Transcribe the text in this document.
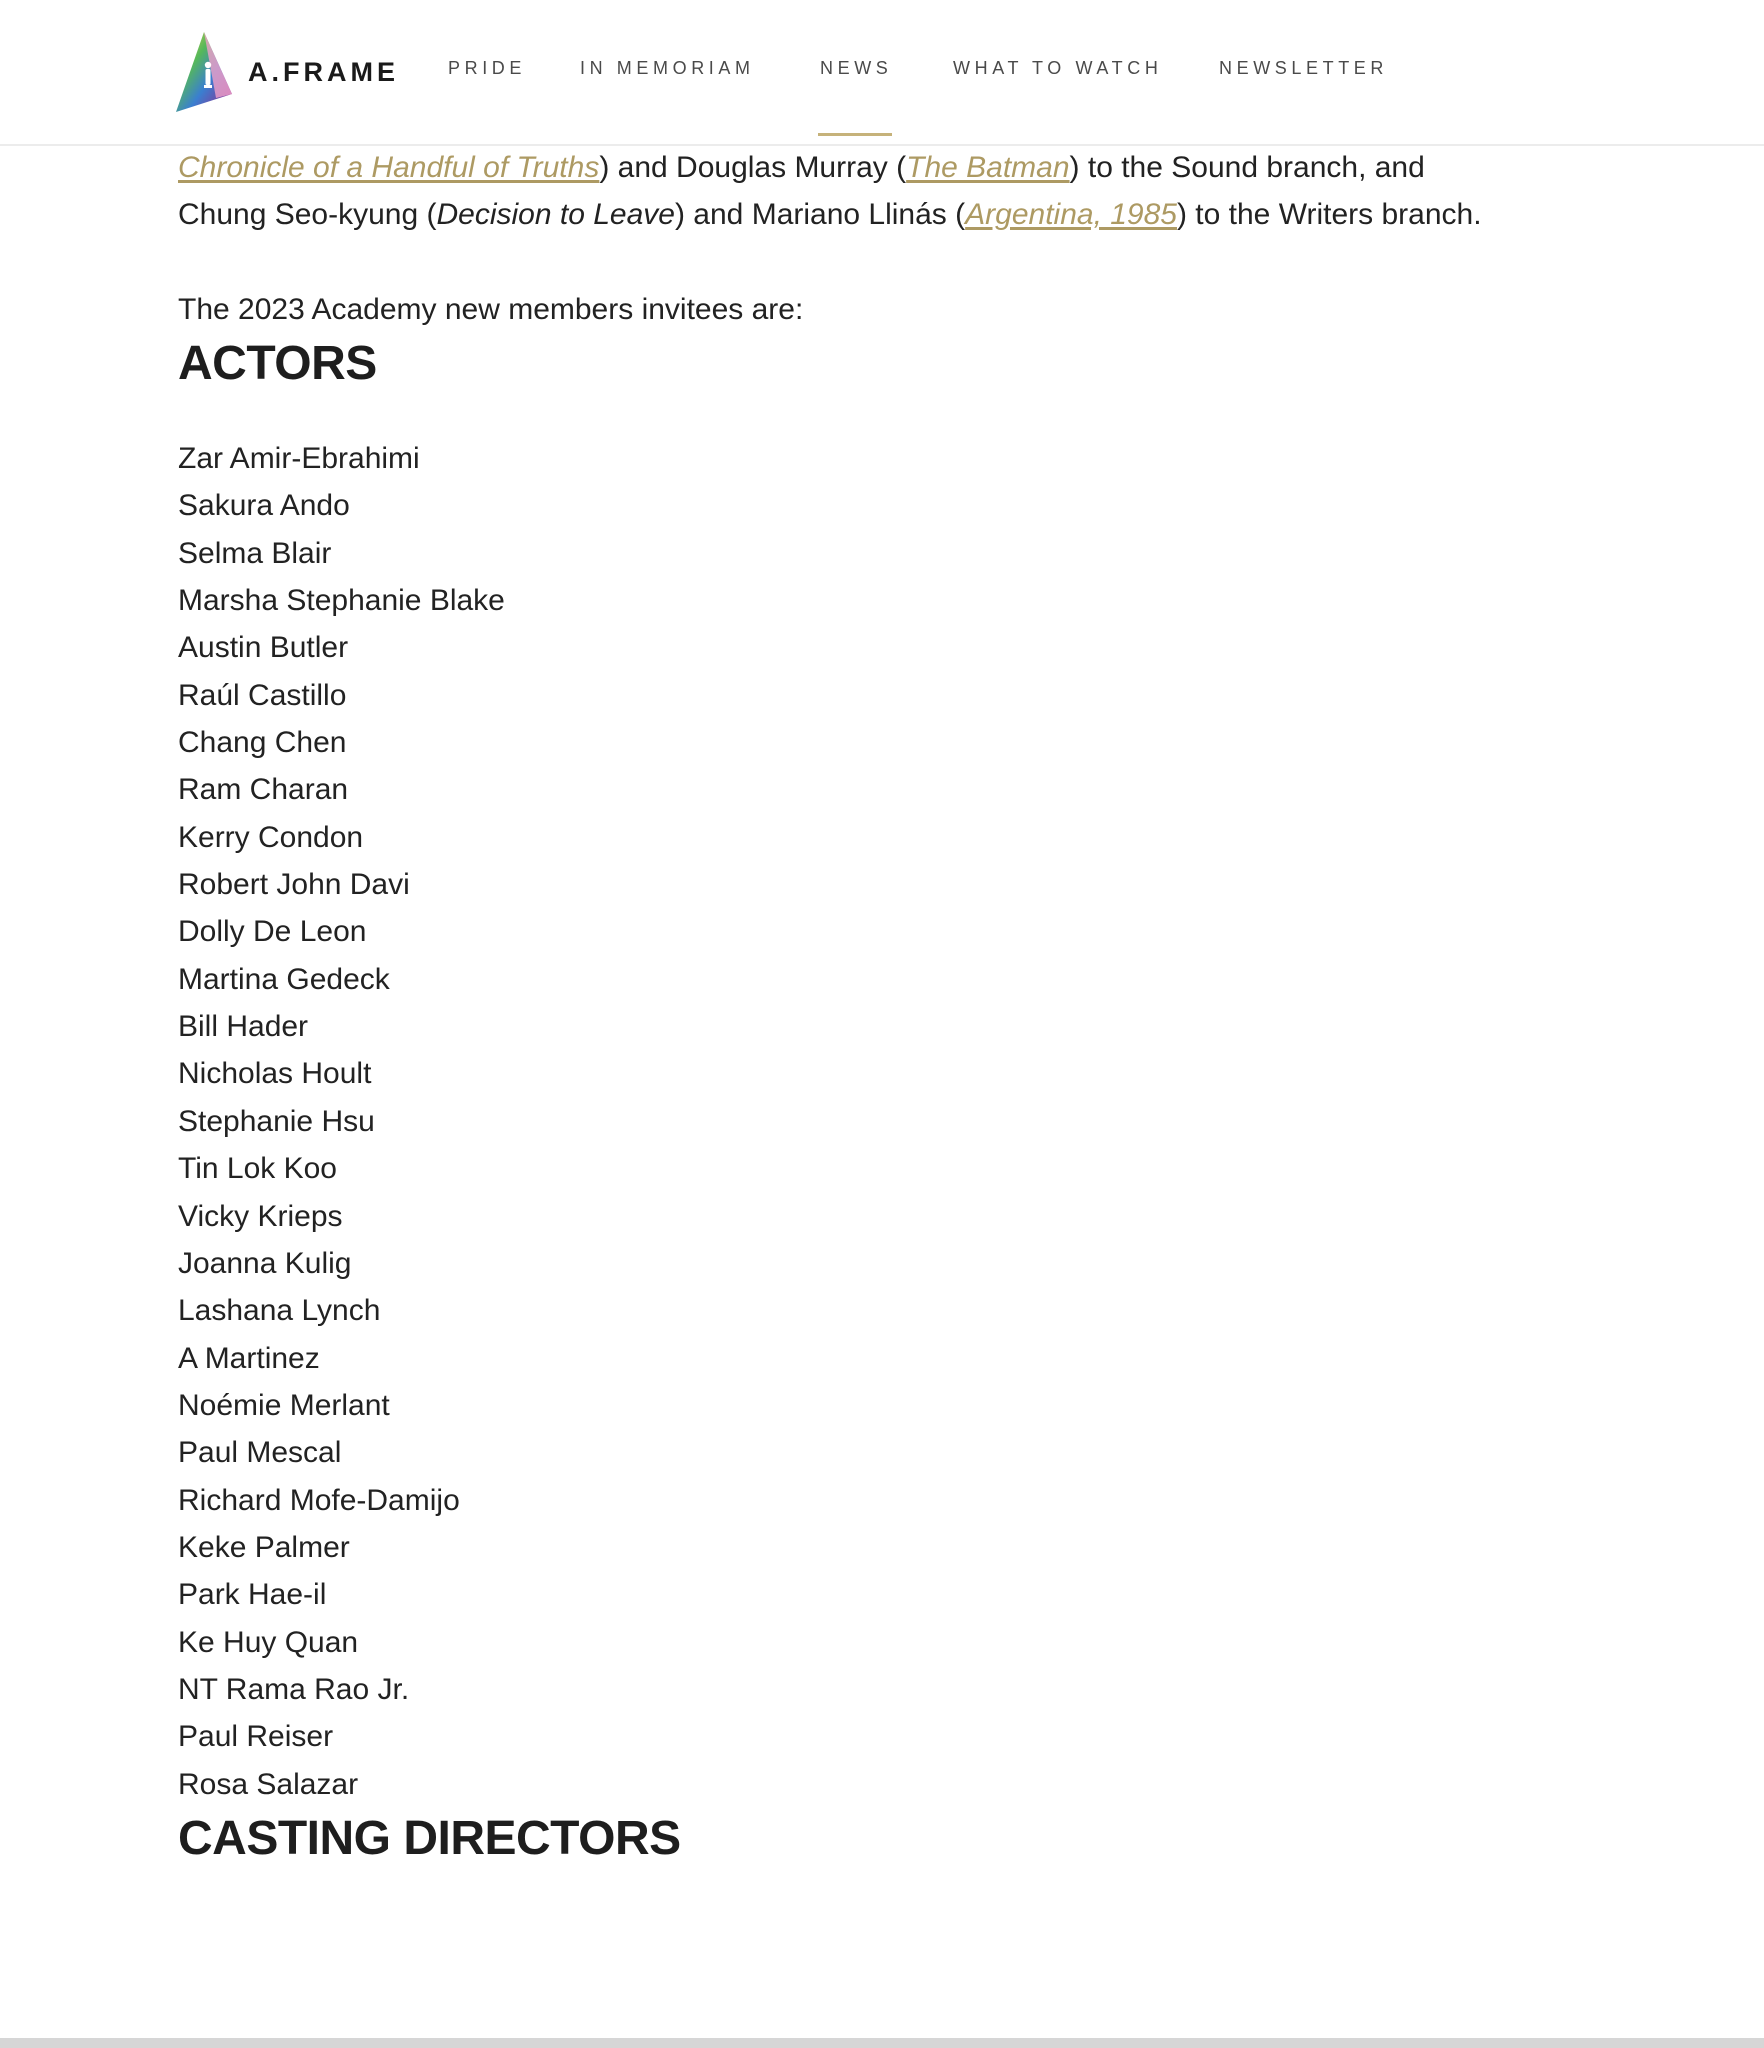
Chronicle of a Handful of Truths) and Douglas Murray (The Batman) to the Sound branch, and Chung Seo-kyung (Decision to Leave) and Mariano Llinás (Argentina, 1985) to the Writers branch.

The 2023 Academy new members invitees are:

ACTORS
Zar Amir-Ebrahimi
Sakura Ando
Selma Blair
Marsha Stephanie Blake
Austin Butler
Raúl Castillo
Chang Chen
Ram Charan
Kerry Condon
Robert John Davi
Dolly De Leon
Martina Gedeck
Bill Hader
Nicholas Hoult
Stephanie Hsu
Tin Lok Koo
Vicky Krieps
Joanna Kulig
Lashana Lynch
A Martinez
Noémie Merlant
Paul Mescal
Richard Mofe-Damijo
Keke Palmer
Park Hae-il
Ke Huy Quan
NT Rama Rao Jr.
Paul Reiser
Rosa Salazar
CASTING DIRECTORS
A.FRAME	PRIDE	IN MEMORIAM	NEWS	WHAT TO WATCH	NEWSLETTER
